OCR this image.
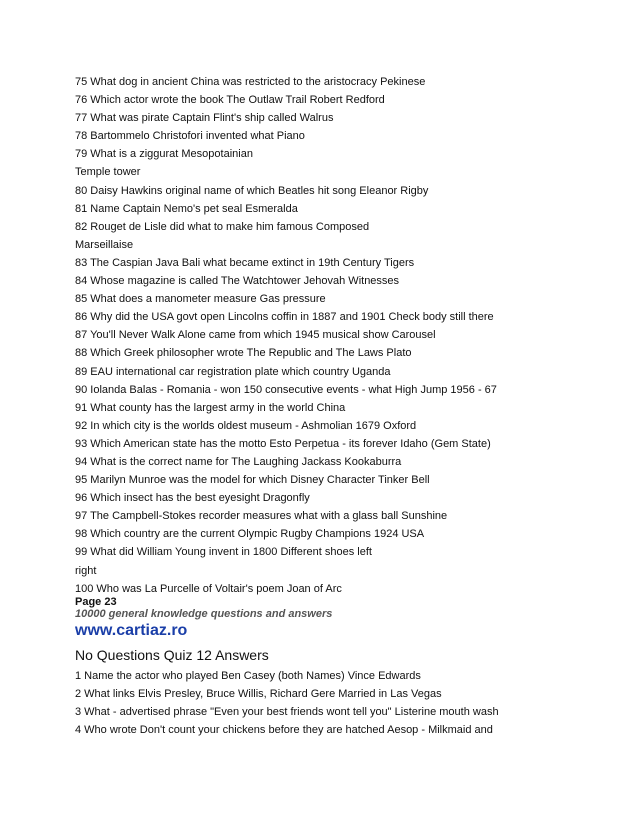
75 What dog in ancient China was restricted to the aristocracy Pekinese
76 Which actor wrote the book The Outlaw Trail Robert Redford
77 What was pirate Captain Flint's ship called Walrus
78 Bartommelo Christofori invented what Piano
79 What is a ziggurat Mesopotainian
Temple tower
80 Daisy Hawkins original name of which Beatles hit song Eleanor Rigby
81 Name Captain Nemo's pet seal Esmeralda
82 Rouget de Lisle did what to make him famous Composed
Marseillaise
83 The Caspian Java Bali what became extinct in 19th Century Tigers
84 Whose magazine is called The Watchtower Jehovah Witnesses
85 What does a manometer measure Gas pressure
86 Why did the USA govt open Lincolns coffin in 1887 and 1901 Check body still there
87 You'll Never Walk Alone came from which 1945 musical show Carousel
88 Which Greek philosopher wrote The Republic and The Laws Plato
89 EAU international car registration plate which country Uganda
90 Iolanda Balas - Romania - won 150 consecutive events - what High Jump 1956 - 67
91 What county has the largest army in the world China
92 In which city is the worlds oldest museum - Ashmolian 1679 Oxford
93 Which American state has the motto Esto Perpetua - its forever Idaho (Gem State)
94 What is the correct name for The Laughing Jackass Kookaburra
95 Marilyn Munroe was the model for which Disney Character Tinker Bell
96 Which insect has the best eyesight Dragonfly
97 The Campbell-Stokes recorder measures what with a glass ball Sunshine
98 Which country are the current Olympic Rugby Champions 1924 USA
99 What did William Young invent in 1800 Different shoes left
right
100 Who was La Purcelle of Voltair's poem Joan of Arc
Page 23
10000 general knowledge questions and answers
www.cartiaz.ro
No Questions Quiz 12 Answers
1 Name the actor who played Ben Casey (both Names) Vince Edwards
2 What links Elvis Presley, Bruce Willis, Richard Gere Married in Las Vegas
3 What - advertised phrase "Even your best friends wont tell you" Listerine mouth wash
4 Who wrote Don't count your chickens before they are hatched Aesop - Milkmaid and
